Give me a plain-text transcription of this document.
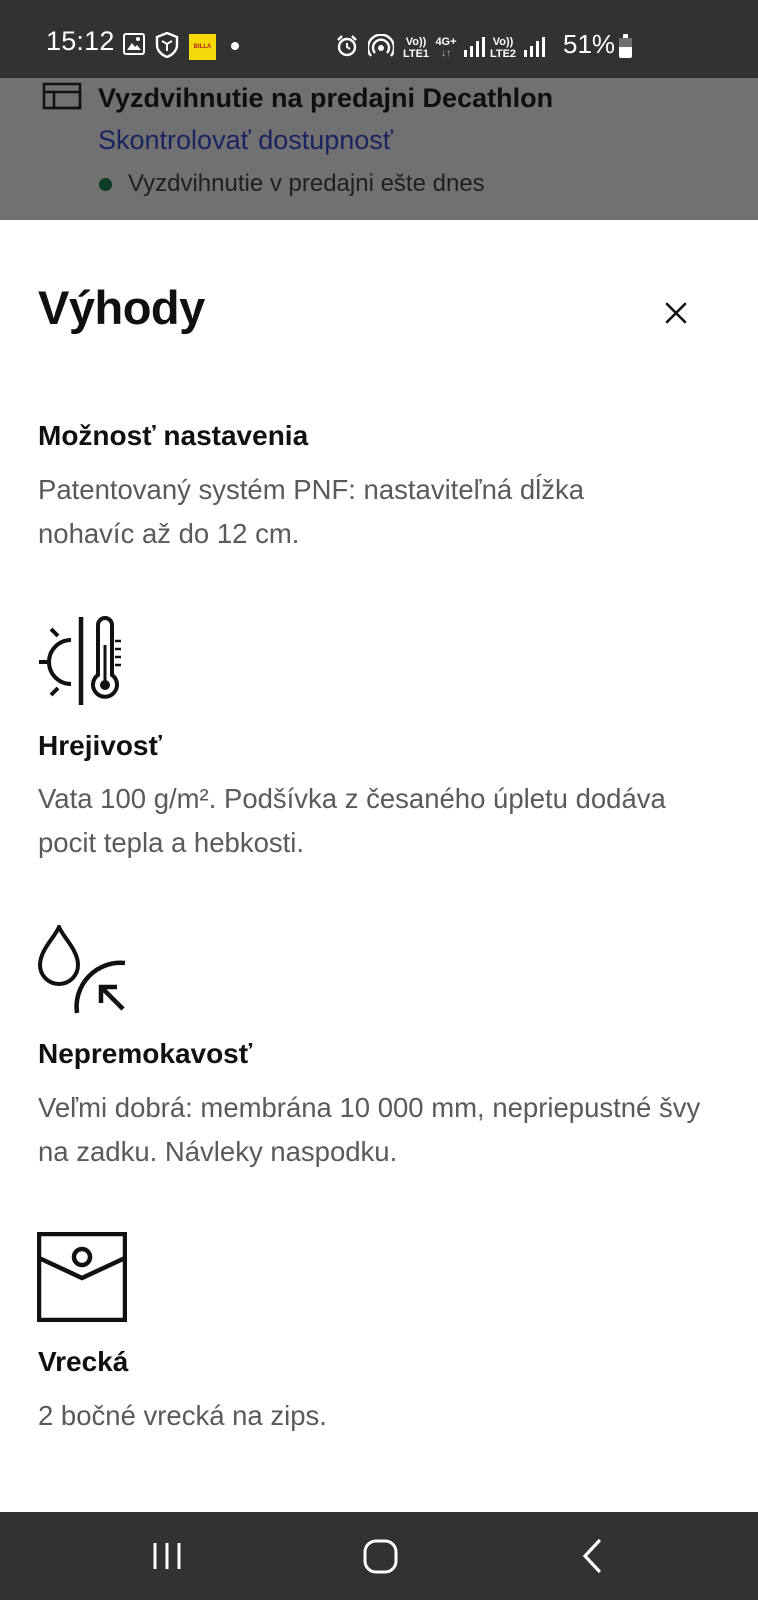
15:12	BILLA	Vo))
LTE1
4G+
↓↑
Vo))
LTE2 51%
Vyzdvihnutie na predajni Decathlon
Skontrolovať dostupnosť
Vyzdvihnutie v predajni ešte dnes
Výhody
Možnosť nastavenia
Patentovaný systém PNF: nastaviteľná dĺžka nohavíc až do 12 cm.
Hrejivosť
Vata 100 g/m². Podšívka z česaného úpletu dodáva pocit tepla a hebkosti.
Nepremokavosť
Veľmi dobrá: membrána 10 000 mm, nepriepustné švy na zadku. Návleky naspodku.
Vrecká
2 bočné vrecká na zips.
